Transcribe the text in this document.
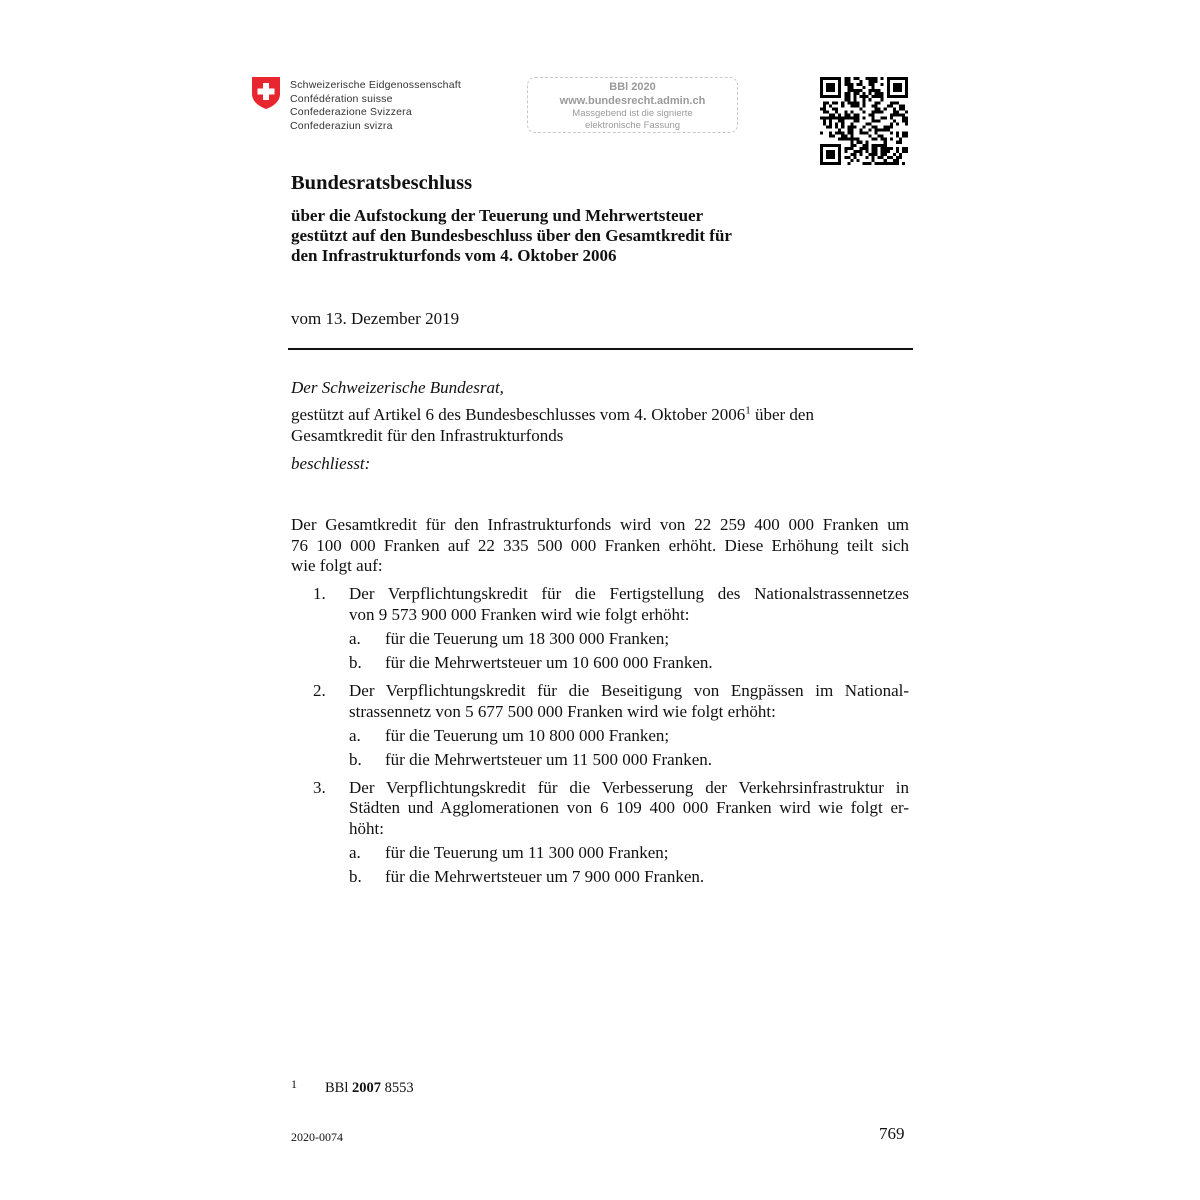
Schweizerische Eidgenossenschaft
Confédération suisse
Confederazione Svizzera
Confederaziun svizra
BBl 2020
www.bundesrecht.admin.ch
Massgebend ist die signierte
elektronische Fassung
Bundesratsbeschluss
über die Aufstockung der Teuerung und Mehrwertsteuer
gestützt auf den Bundesbeschluss über den Gesamtkredit für
den Infrastrukturfonds vom 4. Oktober 2006
vom 13. Dezember 2019
Der Schweizerische Bundesrat,
gestützt auf Artikel 6 des Bundesbeschlusses vom 4. Oktober 2006$^1$ über den
Gesamtkredit für den Infrastrukturfonds
beschliesst:
Der Gesamtkredit für den Infrastrukturfonds wird von 22 259 400 000 Franken um
76 100 000 Franken auf 22 335 500 000 Franken erhöht. Diese Erhöhung teilt sich
wie folgt auf:
1. Der Verpflichtungskredit für die Fertigstellung des Nationalstrassennetzes
von 9 573 900 000 Franken wird wie folgt erhöht:
a. für die Teuerung um 18 300 000 Franken;
b. für die Mehrwertsteuer um 10 600 000 Franken.
2. Der Verpflichtungskredit für die Beseitigung von Engpässen im National-
strassennetz von 5 677 500 000 Franken wird wie folgt erhöht:
a. für die Teuerung um 10 800 000 Franken;
b. für die Mehrwertsteuer um 11 500 000 Franken.
3. Der Verpflichtungskredit für die Verbesserung der Verkehrsinfrastruktur in
Städten und Agglomerationen von 6 109 400 000 Franken wird wie folgt er-
höht:
a. für die Teuerung um 11 300 000 Franken;
b. für die Mehrwertsteuer um 7 900 000 Franken.
1 BBl 2007 8553
2020-0074	769
